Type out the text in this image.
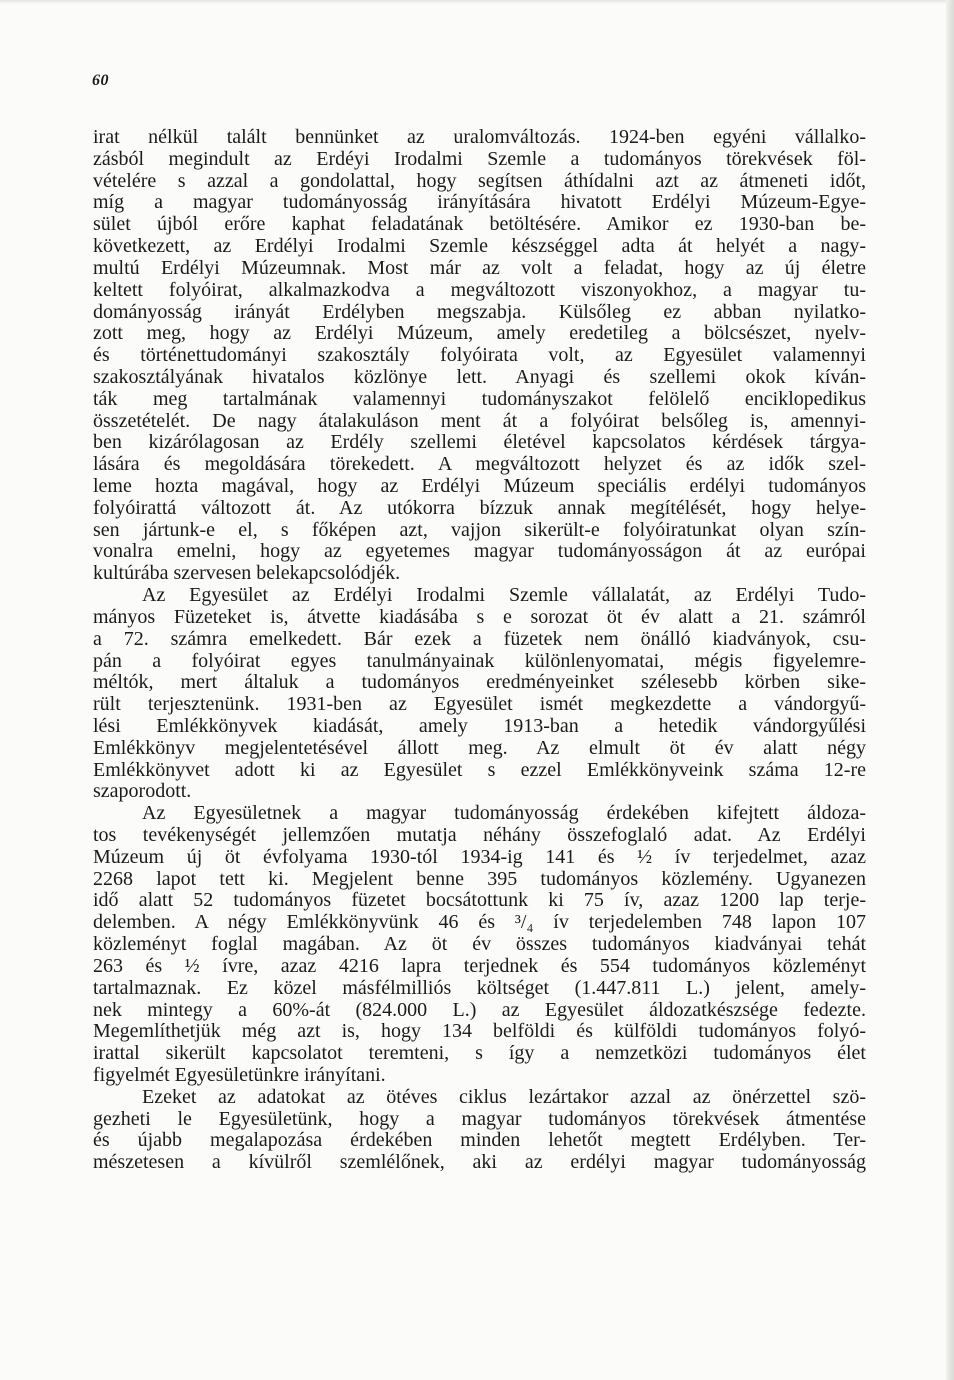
60
irat nélkül talált bennünket az uralomváltozás. 1924-ben egyéni vállalko-
zásból megindult az Erdéyi Irodalmi Szemle a tudományos törekvések föl-
vételére s azzal a gondolattal, hogy segítsen áthídalni azt az átmeneti időt,
míg a magyar tudományosság irányítására hivatott Erdélyi Múzeum-Egye-
sület újból erőre kaphat feladatának betöltésére. Amikor ez 1930-ban be-
következett, az Erdélyi Irodalmi Szemle készséggel adta át helyét a nagy-
multú Erdélyi Múzeumnak. Most már az volt a feladat, hogy az új életre
keltett folyóirat, alkalmazkodva a megváltozott viszonyokhoz, a magyar tu-
dományosság irányát Erdélyben megszabja. Külsőleg ez abban nyilatko-
zott meg, hogy az Erdélyi Múzeum, amely eredetileg a bölcsészet, nyelv-
és történettudományi szakosztály folyóirata volt, az Egyesület valamennyi
szakosztályának hivatalos közlönye lett. Anyagi és szellemi okok kíván-
ták meg tartalmának valamennyi tudományszakot felölelő enciklopedikus
összetételét. De nagy átalakuláson ment át a folyóirat belsőleg is, amennyi-
ben kizárólagosan az Erdély szellemi életével kapcsolatos kérdések tárgya-
lására és megoldására törekedett. A megváltozott helyzet és az idők szel-
leme hozta magával, hogy az Erdélyi Múzeum speciális erdélyi tudományos
folyóirattá változott át. Az utókorra bízzuk annak megítélését, hogy helye-
sen jártunk-e el, s főképen azt, vajjon sikerült-e folyóiratunkat olyan szín-
vonalra emelni, hogy az egyetemes magyar tudományosságon át az európai
kultúrába szervesen belekapcsolódjék.
Az Egyesület az Erdélyi Irodalmi Szemle vállalatát, az Erdélyi Tudo-
mányos Füzeteket is, átvette kiadásába s e sorozat öt év alatt a 21. számról
a 72. számra emelkedett. Bár ezek a füzetek nem önálló kiadványok, csu-
pán a folyóirat egyes tanulmányainak különlenyomatai, mégis figyelemre-
méltók, mert általuk a tudományos eredményeinket szélesebb körben sike-
rült terjesztenünk. 1931-ben az Egyesület ismét megkezdette a vándorgyű-
lési Emlékkönyvek kiadását, amely 1913-ban a hetedik vándorgyűlési
Emlékkönyv megjelentetésével állott meg. Az elmult öt év alatt négy
Emlékkönyvet adott ki az Egyesület s ezzel Emlékkönyveink száma 12-re
szaporodott.
Az Egyesületnek a magyar tudományosság érdekében kifejtett áldoza-
tos tevékenységét jellemzően mutatja néhány összefoglaló adat. Az Erdélyi
Múzeum új öt évfolyama 1930-tól 1934-ig 141 és ½ ív terjedelmet, azaz
2268 lapot tett ki. Megjelent benne 395 tudományos közlemény. Ugyanezen
idő alatt 52 tudományos füzetet bocsátottunk ki 75 ív, azaz 1200 lap terje-
delemben. A négy Emlékkönyvünk 46 és ³/₄ ív terjedelemben 748 lapon 107
közleményt foglal magában. Az öt év összes tudományos kiadványai tehát
263 és ½ ívre, azaz 4216 lapra terjednek és 554 tudományos közleményt
tartalmaznak. Ez közel másfélmilliós költséget (1.447.811 L.) jelent, amely-
nek mintegy a 60%-át (824.000 L.) az Egyesület áldozatkészsége fedezte.
Megemlíthetjük még azt is, hogy 134 belföldi és külföldi tudományos folyó-
irattal sikerült kapcsolatot teremteni, s így a nemzetközi tudományos élet
figyelmét Egyesületünkre irányítani.
Ezeket az adatokat az ötéves ciklus lezártakor azzal az önérzettel szö-
gezheti le Egyesületünk, hogy a magyar tudományos törekvések átmentése
és újabb megalapozása érdekében minden lehetőt megtett Erdélyben. Ter-
mészetesen a kívülről szemlélőnek, aki az erdélyi magyar tudományosság
